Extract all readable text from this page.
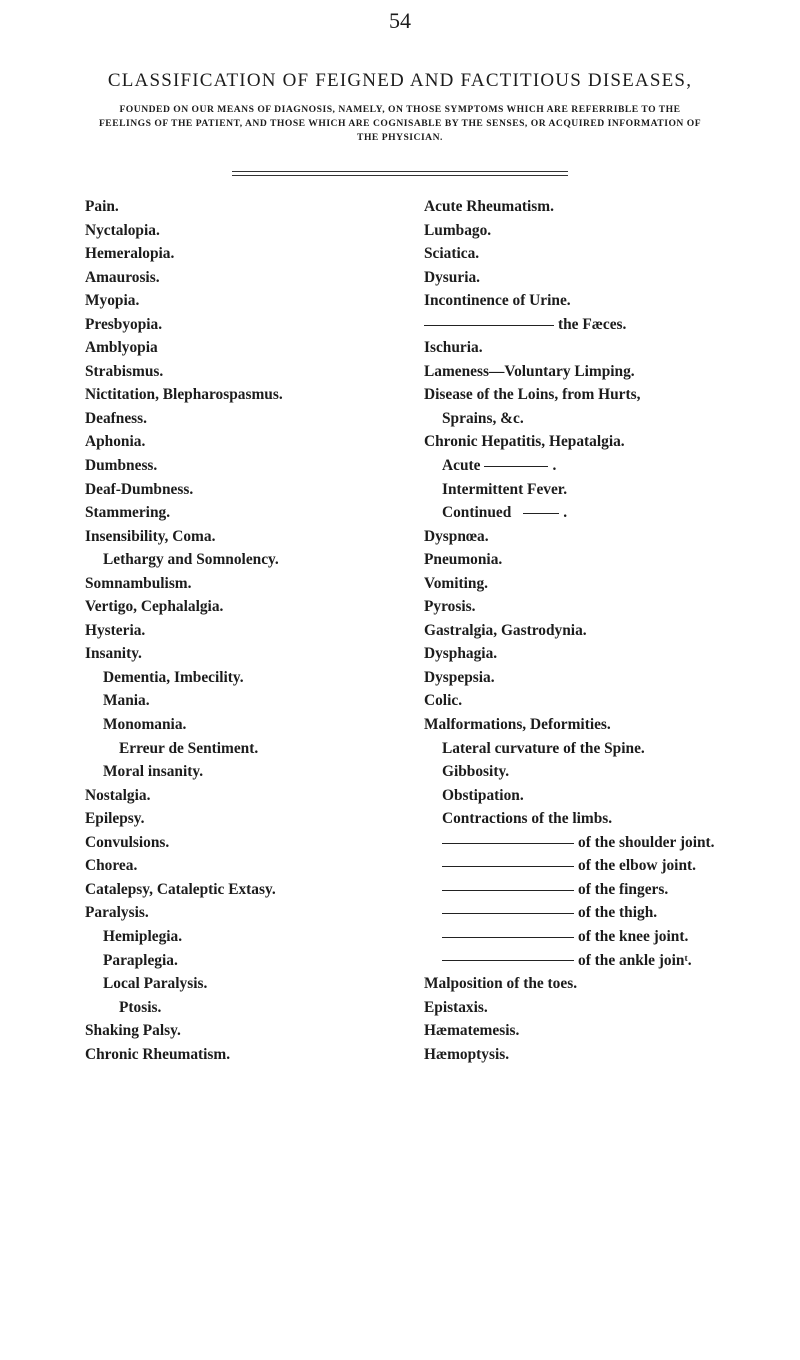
54
CLASSIFICATION OF FEIGNED AND FACTITIOUS DISEASES,
FOUNDED ON OUR MEANS OF DIAGNOSIS, NAMELY, ON THOSE SYMPTOMS WHICH ARE REFERRIBLE TO THE FEELINGS OF THE PATIENT, AND THOSE WHICH ARE COGNISABLE BY THE SENSES, OR ACQUIRED INFORMATION OF THE PHYSICIAN.
Pain.
Nyctalopia.
Hemeralopia.
Amaurosis.
Myopia.
Presbyopia.
Amblyopia
Strabismus.
Nictitation, Blepharospasmus.
Deafness.
Aphonia.
Dumbness.
Deaf-Dumbness.
Stammering.
Insensibility, Coma.
Lethargy and Somnolency.
Somnambulism.
Vertigo, Cephalalgia.
Hysteria.
Insanity.
Dementia, Imbecility.
Mania.
Monomania.
Erreur de Sentiment.
Moral insanity.
Nostalgia.
Epilepsy.
Convulsions.
Chorea.
Catalepsy, Cataleptic Extasy.
Paralysis.
Hemiplegia.
Paraplegia.
Local Paralysis.
Ptosis.
Shaking Palsy.
Chronic Rheumatism.
Acute Rheumatism.
Lumbago.
Sciatica.
Dysuria.
Incontinence of Urine.
the Fæces.
Ischuria.
Lameness—Voluntary Limping.
Disease of the Loins, from Hurts,
Sprains, &c.
Chronic Hepatitis, Hepatalgia.
Acute	.
Intermittent Fever.
Continued	.
Dyspnœa.
Pneumonia.
Vomiting.
Pyrosis.
Gastralgia, Gastrodynia.
Dysphagia.
Dyspepsia.
Colic.
Malformations, Deformities.
Lateral curvature of the Spine.
Gibbosity.
Obstipation.
Contractions of the limbs.
of the shoulder joint.
of the elbow joint.
of the fingers.
of the thigh.
of the knee joint.
of the ankle joinᵗ.
Malposition of the toes.
Epistaxis.
Hæmatemesis.
Hæmoptysis.
